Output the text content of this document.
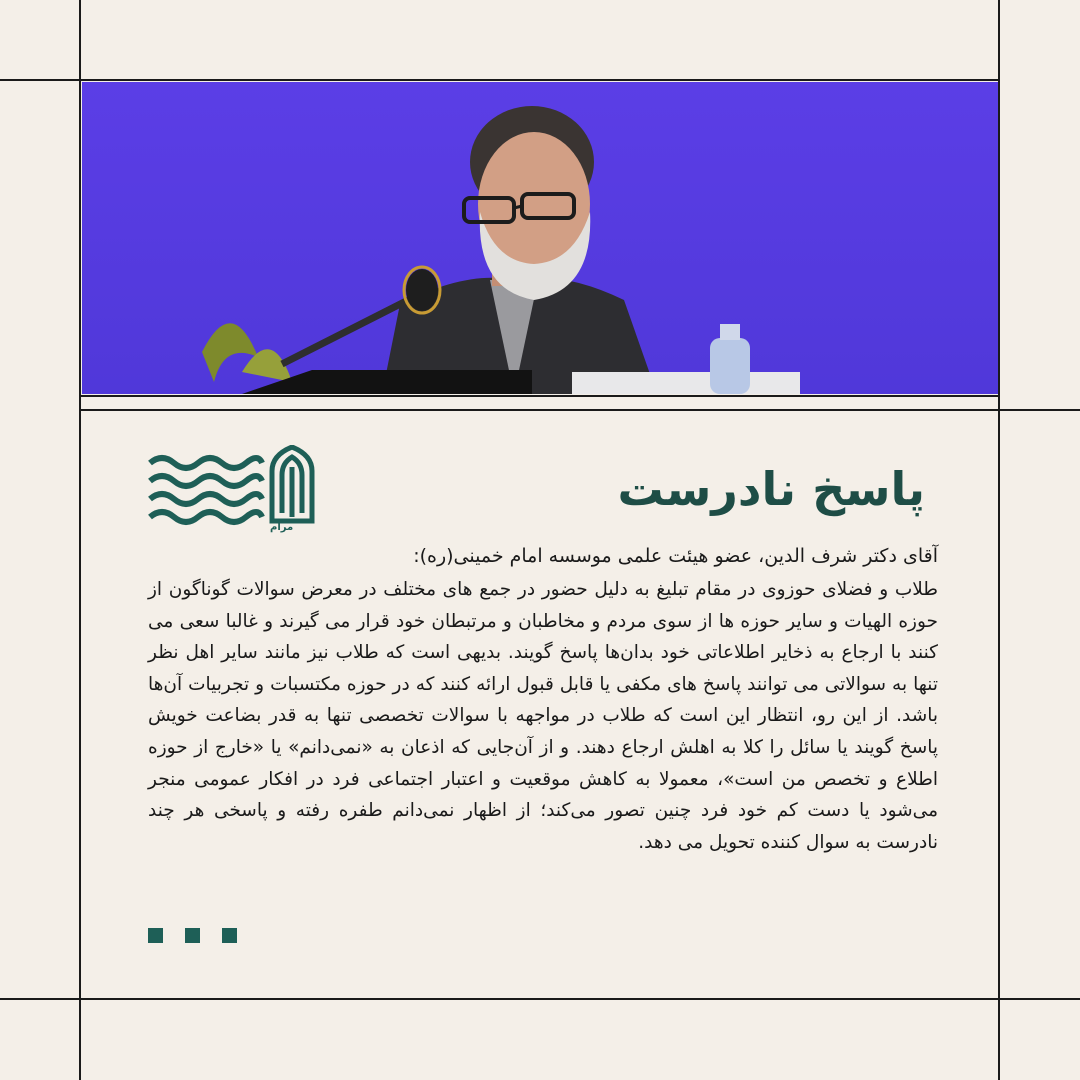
مرام
پاسخ نادرست

آقای دکتر شرف الدین، عضو هیئت علمی موسسه امام خمینی(ره):

طلاب و فضلای حوزوی در مقام تبلیغ به دلیل حضور در جمع های مختلف در معرض سوالات گوناگون از حوزه الهیات و سایر حوزه ها از سوی مردم و مخاطبان و مرتبطان خود قرار می گیرند و غالبا سعی می کنند با ارجاع به ذخایر اطلاعاتی خود بدان‌ها پاسخ گویند. بدیهی است که طلاب نیز مانند سایر اهل نظر تنها به سوالاتی می توانند پاسخ های مکفی یا قابل قبول ارائه کنند که در حوزه مکتسبات و تجربیات آن‌ها باشد. از این رو، انتظار این است که طلاب در مواجهه با سوالات تخصصی تنها به قدر بضاعت خویش پاسخ گویند یا سائل را کلا به اهلش ارجاع دهند. و از آن‌جایی که اذعان به «نمی‌دانم» یا «خارج از حوزه اطلاع و تخصص من است»، معمولا به کاهش موقعیت و اعتبار اجتماعی فرد در افکار عمومی منجر می‌شود یا دست کم خود فرد چنین تصور می‌کند؛ از اظهار نمی‌دانم طفره رفته و پاسخی هر چند نادرست به سوال کننده تحویل می دهد.
